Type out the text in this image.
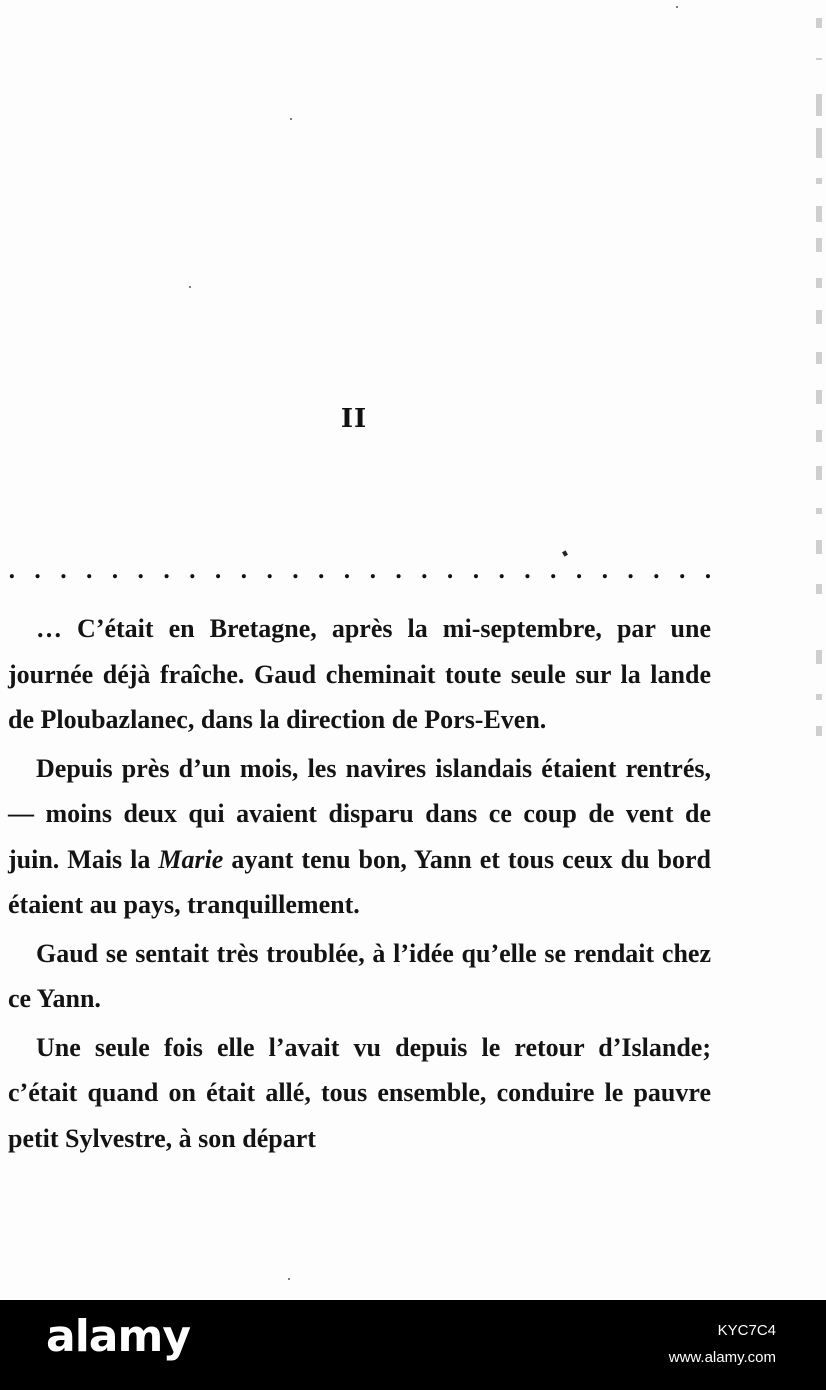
II
. . . . . . . . . . . . . . . . . . . . . . . . . . . .

… C’était en Bretagne, après la mi-septembre, par une journée déjà fraîche. Gaud cheminait toute seule sur la lande de Ploubazlanec, dans la direction de Pors-Even.

Depuis près d’un mois, les navires islandais étaient rentrés, — moins deux qui avaient disparu dans ce coup de vent de juin. Mais la Marie ayant tenu bon, Yann et tous ceux du bord étaient au pays, tranquillement.

Gaud se sentait très troublée, à l’idée qu’elle se rendait chez ce Yann.

Une seule fois elle l’avait vu depuis le retour d’Islande; c’était quand on était allé, tous ensemble, conduire le pauvre petit Sylvestre, à son départ

alamy	KYC7C4
www.alamy.com
